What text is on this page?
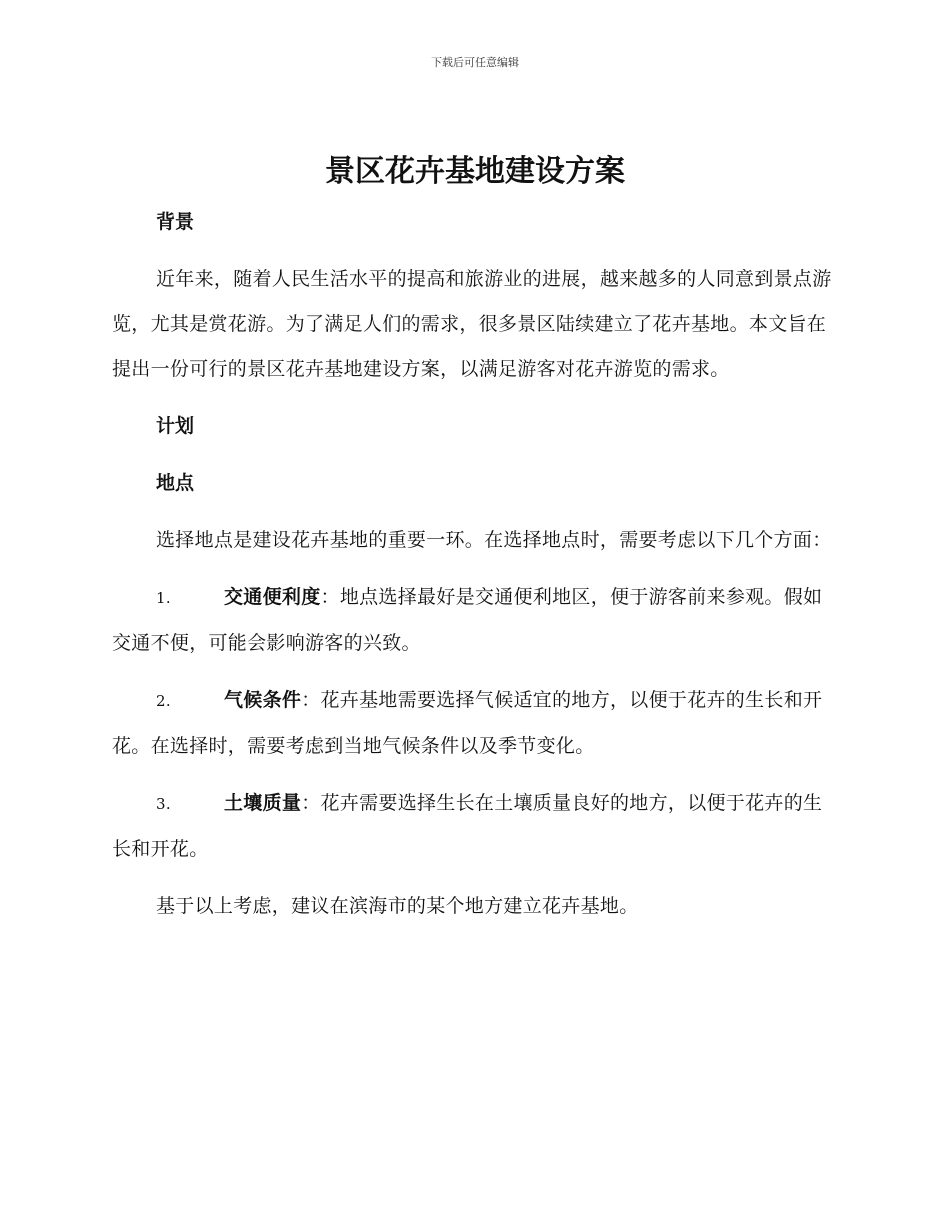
下载后可任意编辑
景区花卉基地建设方案

背景

近年来，随着人民生活水平的提高和旅游业的进展，越来越多的人同意到景点游览，尤其是赏花游。为了满足人们的需求，很多景区陆续建立了花卉基地。本文旨在提出一份可行的景区花卉基地建设方案，以满足游客对花卉游览的需求。

计划

地点

选择地点是建设花卉基地的重要一环。在选择地点时，需要考虑以下几个方面：

1.	交通便利度：地点选择最好是交通便利地区，便于游客前来参观。假如交通不便，可能会影响游客的兴致。

2.	气候条件：花卉基地需要选择气候适宜的地方，以便于花卉的生长和开花。在选择时，需要考虑到当地气候条件以及季节变化。

3.	土壤质量：花卉需要选择生长在土壤质量良好的地方，以便于花卉的生长和开花。

基于以上考虑，建议在滨海市的某个地方建立花卉基地。
